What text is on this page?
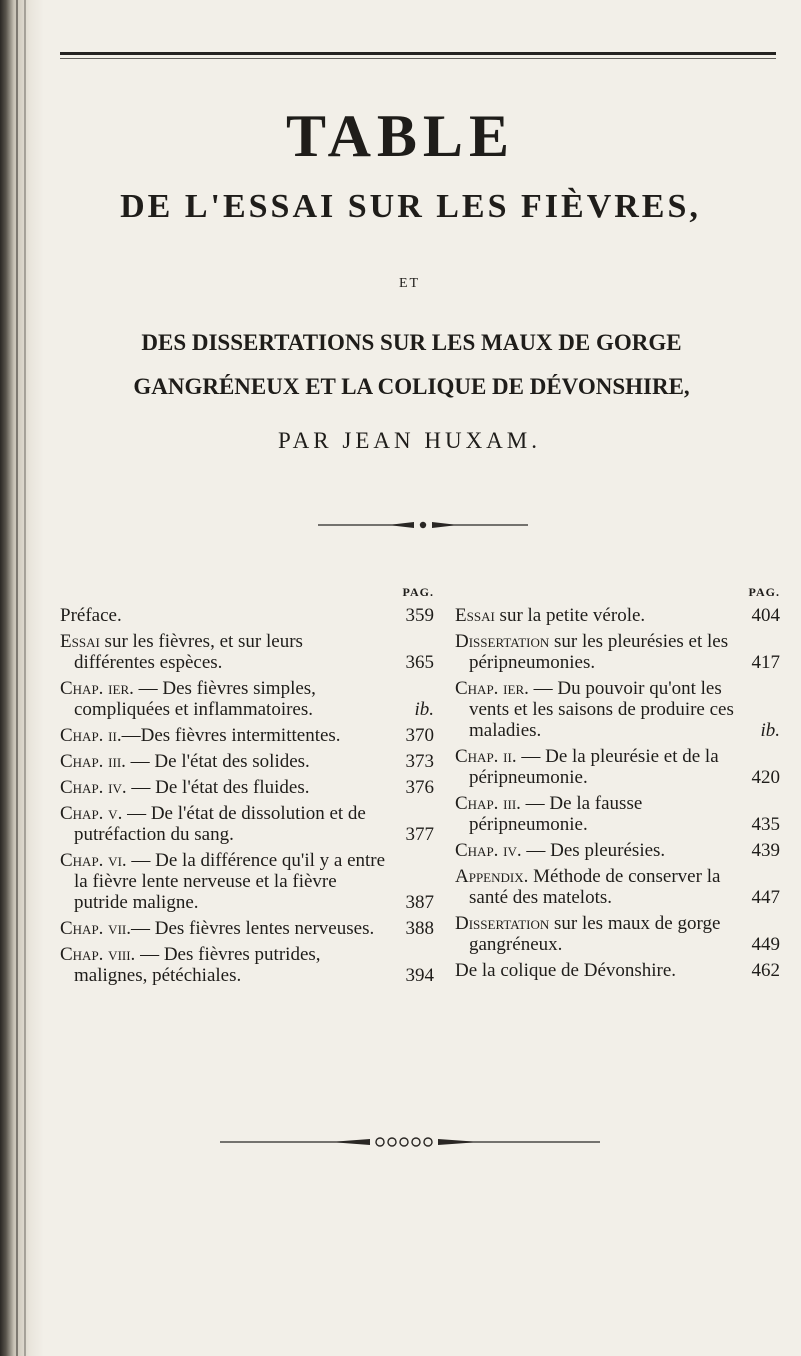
TABLE
DE L'ESSAI SUR LES FIÈVRES,
ET
DES DISSERTATIONS SUR LES MAUX DE GORGE
GANGRÉNEUX ET LA COLIQUE DE DÉVONSHIRE,
PAR JEAN HUXAM.
PAG.
Préface.	359
Essai sur les fièvres, et sur leurs différentes espèces.	365
Chap. ier. — Des fièvres simples, compliquées et inflammatoires.	ib.
Chap. ii.—Des fièvres intermittentes.	370
Chap. iii. — De l'état des solides.	373
Chap. iv. — De l'état des fluides.	376
Chap. v. — De l'état de dissolution et de putréfaction du sang.	377
Chap. vi. — De la différence qu'il y a entre la fièvre lente nerveuse et la fièvre putride maligne.	387
Chap. vii.— Des fièvres lentes nerveuses.	388
Chap. viii. — Des fièvres putrides, malignes, pétéchiales.	394
PAG.
Essai sur la petite vérole.	404
Dissertation sur les pleurésies et les péripneumonies.	417
Chap. ier. — Du pouvoir qu'ont les vents et les saisons de produire ces maladies.	ib.
Chap. ii. — De la pleurésie et de la péripneumonie.	420
Chap. iii. — De la fausse péripneumonie.	435
Chap. iv. — Des pleurésies.	439
Appendix. Méthode de conserver la santé des matelots.	447
Dissertation sur les maux de gorge gangréneux.	449
De la colique de Dévonshire.	462
